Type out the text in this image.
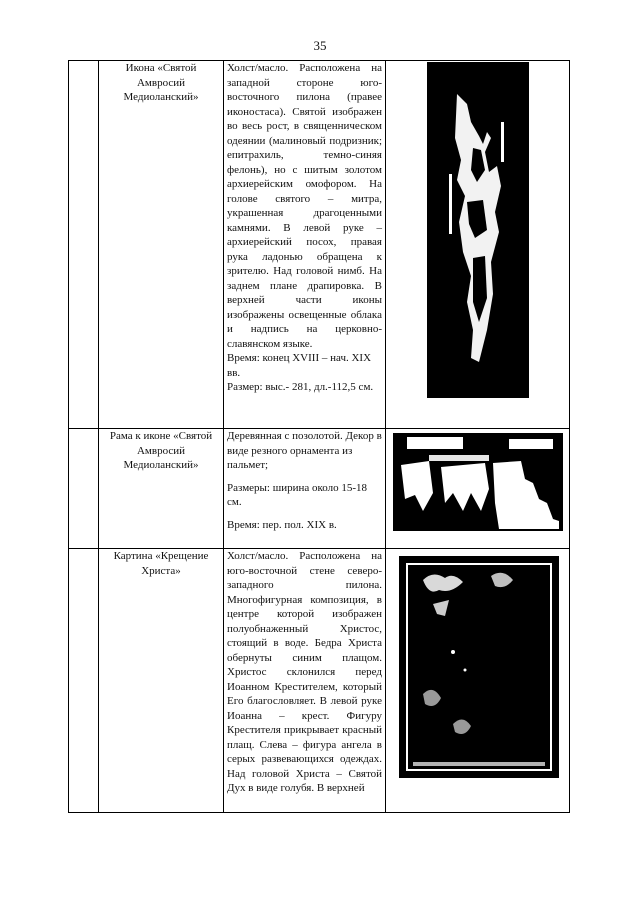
35
	Икона «Святой Амвросий Медиоланский»	Холст/масло. Расположена на западной стороне юго-восточного пилона (правее иконостаса). Святой изображен во весь рост, в священническом одеянии (малиновый подризник; епитрахиль, темно-синяя фелонь), но с шитым золотом архиерейским омофором. На голове святого – митра, украшенная драгоценными камнями. В левой руке – архиерейский посох, правая рука ладонью обращена к зрителю. Над головой нимб. На заднем плане драпировка. В верхней части иконы изображены освещенные облака и надпись на церковно-славянском языке.

Время: конец XVIII – нач. XIX вв.

Размер: выс.- 281, дл.-112,5 см.

	Рама к иконе «Святой Амвросий Медиоланский»	Деревянная с позолотой. Декор в виде резного орнамента из пальмет;

Размеры: ширина около 15-18 см.

Время: пер. пол. XIX в.

	Картина «Крещение Христа»	Холст/масло. Расположена на юго-восточной стене северо-западного пилона. Многофигурная композиция, в центре которой изображен полуобнаженный Христос, стоящий в воде. Бедра Христа обернуты синим плащом. Христос склонился перед Иоанном Крестителем, который Его благословляет. В левой руке Иоанна – крест. Фигуру Крестителя прикрывает красный плащ. Слева – фигура ангела в серых развевающихся одеждах. Над головой Христа – Святой Дух в виде голубя. В верхней
